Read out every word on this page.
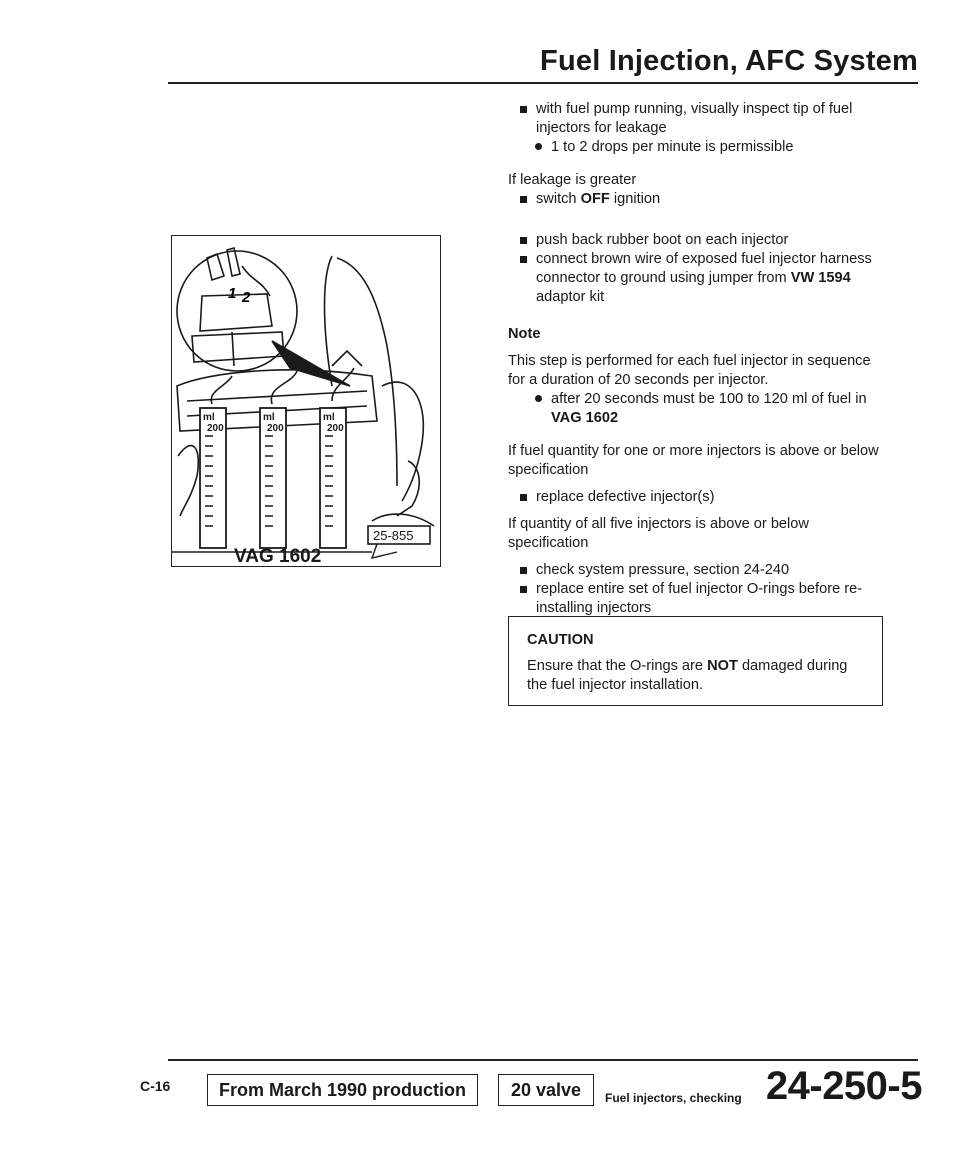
Fuel Injection, AFC System
1 2
ml
200
ml
200
ml
200
VAG 1602
25-855

with fuel pump running, visually inspect tip of fuel injectors for leakage

1 to 2 drops per minute is permissible

If leakage is greater

switch OFF ignition

push back rubber boot on each injector

connect brown wire of exposed fuel injector harness connector to ground using jumper from VW 1594 adaptor kit

Note

This step is performed for each fuel injector in sequence for a duration of 20 seconds per injector.

after 20 seconds must be 100 to 120 ml of fuel in VAG 1602

If fuel quantity for one or more injectors is above or below specification

replace defective injector(s)

If quantity of all five injectors is above or below specification

check system pressure, section 24-240

replace entire set of fuel injector O-rings before re-installing injectors

CAUTION
Ensure that the O-rings are NOT damaged during the fuel injector installation.
C-16	From March 1990 production	20 valve	Fuel injectors, checking 24-250-5
